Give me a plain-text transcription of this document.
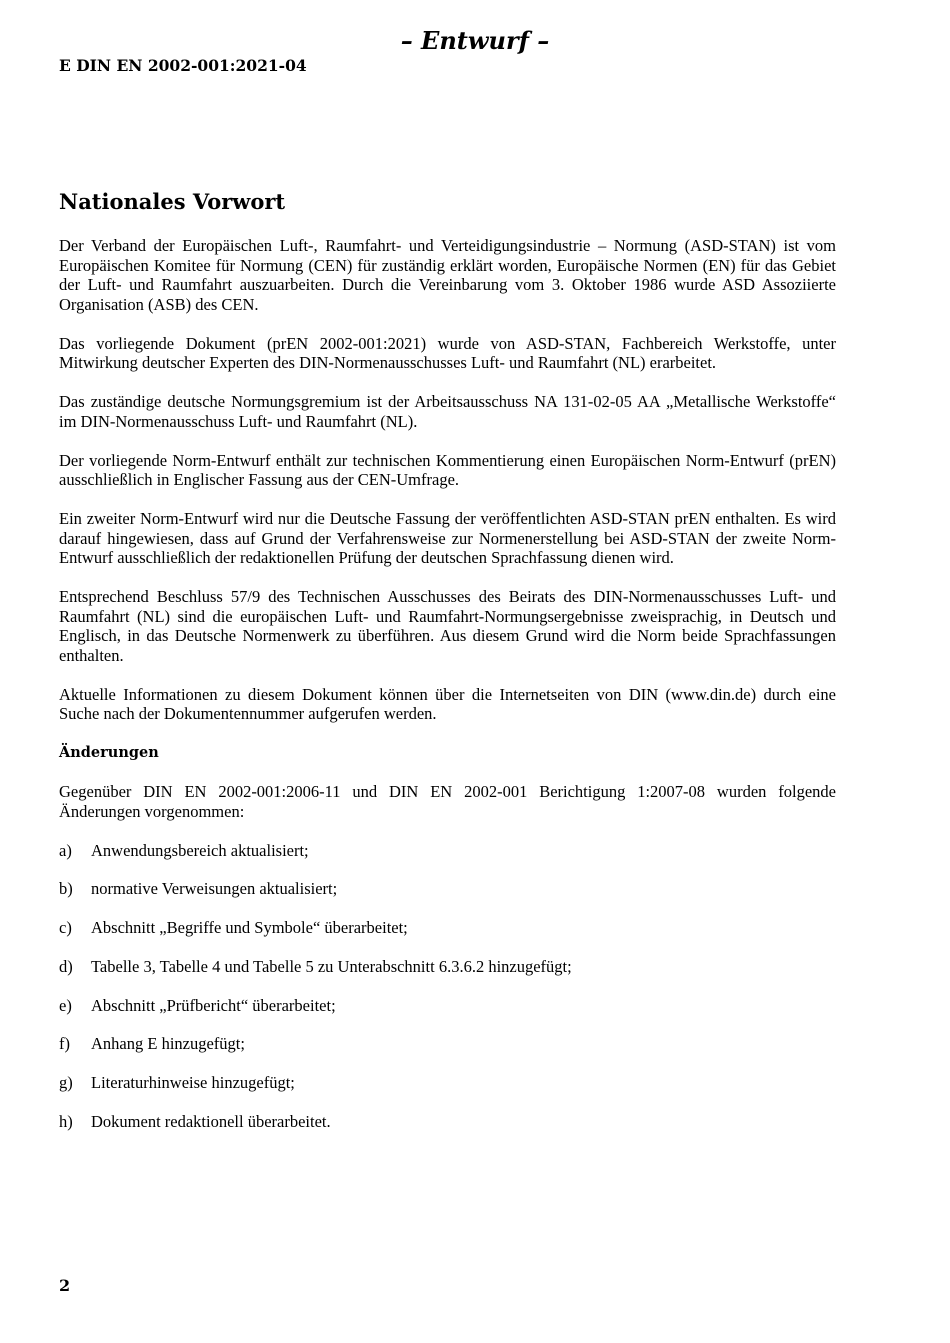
– Entwurf –

E DIN EN 2002-001:2021-04

Nationales Vorwort

Der Verband der Europäischen Luft-, Raumfahrt- und Verteidigungsindustrie – Normung (ASD-STAN) ist vom Europäischen Komitee für Normung (CEN) für zuständig erklärt worden, Europäische Normen (EN) für das Gebiet der Luft- und Raumfahrt auszuarbeiten. Durch die Vereinbarung vom 3. Oktober 1986 wurde ASD Assoziierte Organisation (ASB) des CEN.

Das vorliegende Dokument (prEN 2002-001:2021) wurde von ASD-STAN, Fachbereich Werkstoffe, unter Mitwirkung deutscher Experten des DIN-Normenausschusses Luft- und Raumfahrt (NL) erarbeitet.

Das zuständige deutsche Normungsgremium ist der Arbeitsausschuss NA 131-02-05 AA „Metallische Werkstoffe“ im DIN-Normenausschuss Luft- und Raumfahrt (NL).

Der vorliegende Norm-Entwurf enthält zur technischen Kommentierung einen Europäischen Norm-Entwurf (prEN) ausschließlich in Englischer Fassung aus der CEN-Umfrage.

Ein zweiter Norm-Entwurf wird nur die Deutsche Fassung der veröffentlichten ASD-STAN prEN enthalten. Es wird darauf hingewiesen, dass auf Grund der Verfahrensweise zur Normenerstellung bei ASD-STAN der zweite Norm-Entwurf ausschließlich der redaktionellen Prüfung der deutschen Sprachfassung dienen wird.

Entsprechend Beschluss 57/9 des Technischen Ausschusses des Beirats des DIN-Normenausschusses Luft- und Raumfahrt (NL) sind die europäischen Luft- und Raumfahrt-Normungsergebnisse zweisprachig, in Deutsch und Englisch, in das Deutsche Normenwerk zu überführen. Aus diesem Grund wird die Norm beide Sprachfassungen enthalten.

Aktuelle Informationen zu diesem Dokument können über die Internetseiten von DIN (www.din.de) durch eine Suche nach der Dokumentennummer aufgerufen werden.

Änderungen

Gegenüber DIN EN 2002-001:2006-11 und DIN EN 2002-001 Berichtigung 1:2007-08 wurden folgende Änderungen vorgenommen:

a)	Anwendungsbereich aktualisiert;
b)	normative Verweisungen aktualisiert;
c)	Abschnitt „Begriffe und Symbole“ überarbeitet;
d)	Tabelle 3, Tabelle 4 und Tabelle 5 zu Unterabschnitt 6.3.6.2 hinzugefügt;
e)	Abschnitt „Prüfbericht“ überarbeitet;
f)	Anhang E hinzugefügt;
g)	Literaturhinweise hinzugefügt;
h)	Dokument redaktionell überarbeitet.

2
